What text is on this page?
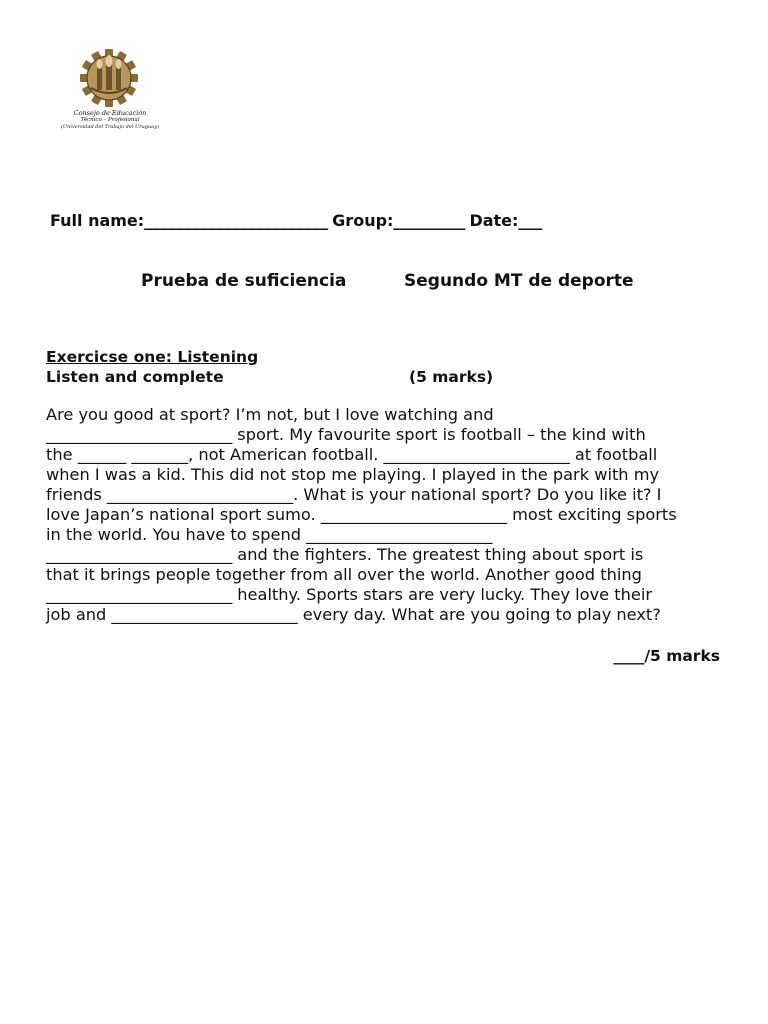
Consejo de Educación
Técnico – Profesional
(Universidad del Trabajo del Uruguay)
Full name:_______________________ Group:_________ Date:___
Prueba de suficiencia	Segundo MT de deporte
Exercicse one: Listening
Listen and complete	(5 marks)
Are you good at sport? I’m not, but I love watching and
_______________________ sport. My favourite sport is football – the kind with
the ______ _______, not American football. _______________________ at football
when I was a kid. This did not stop me playing. I played in the park with my
friends _______________________. What is your national sport? Do you like it? I
love Japan’s national sport sumo. _______________________ most exciting sports
in the world. You have to spend _______________________
_______________________ and the fighters. The greatest thing about sport is
that it brings people together from all over the world. Another good thing
_______________________ healthy. Sports stars are very lucky. They love their
job and _______________________ every day. What are you going to play next?
____/5 marks
